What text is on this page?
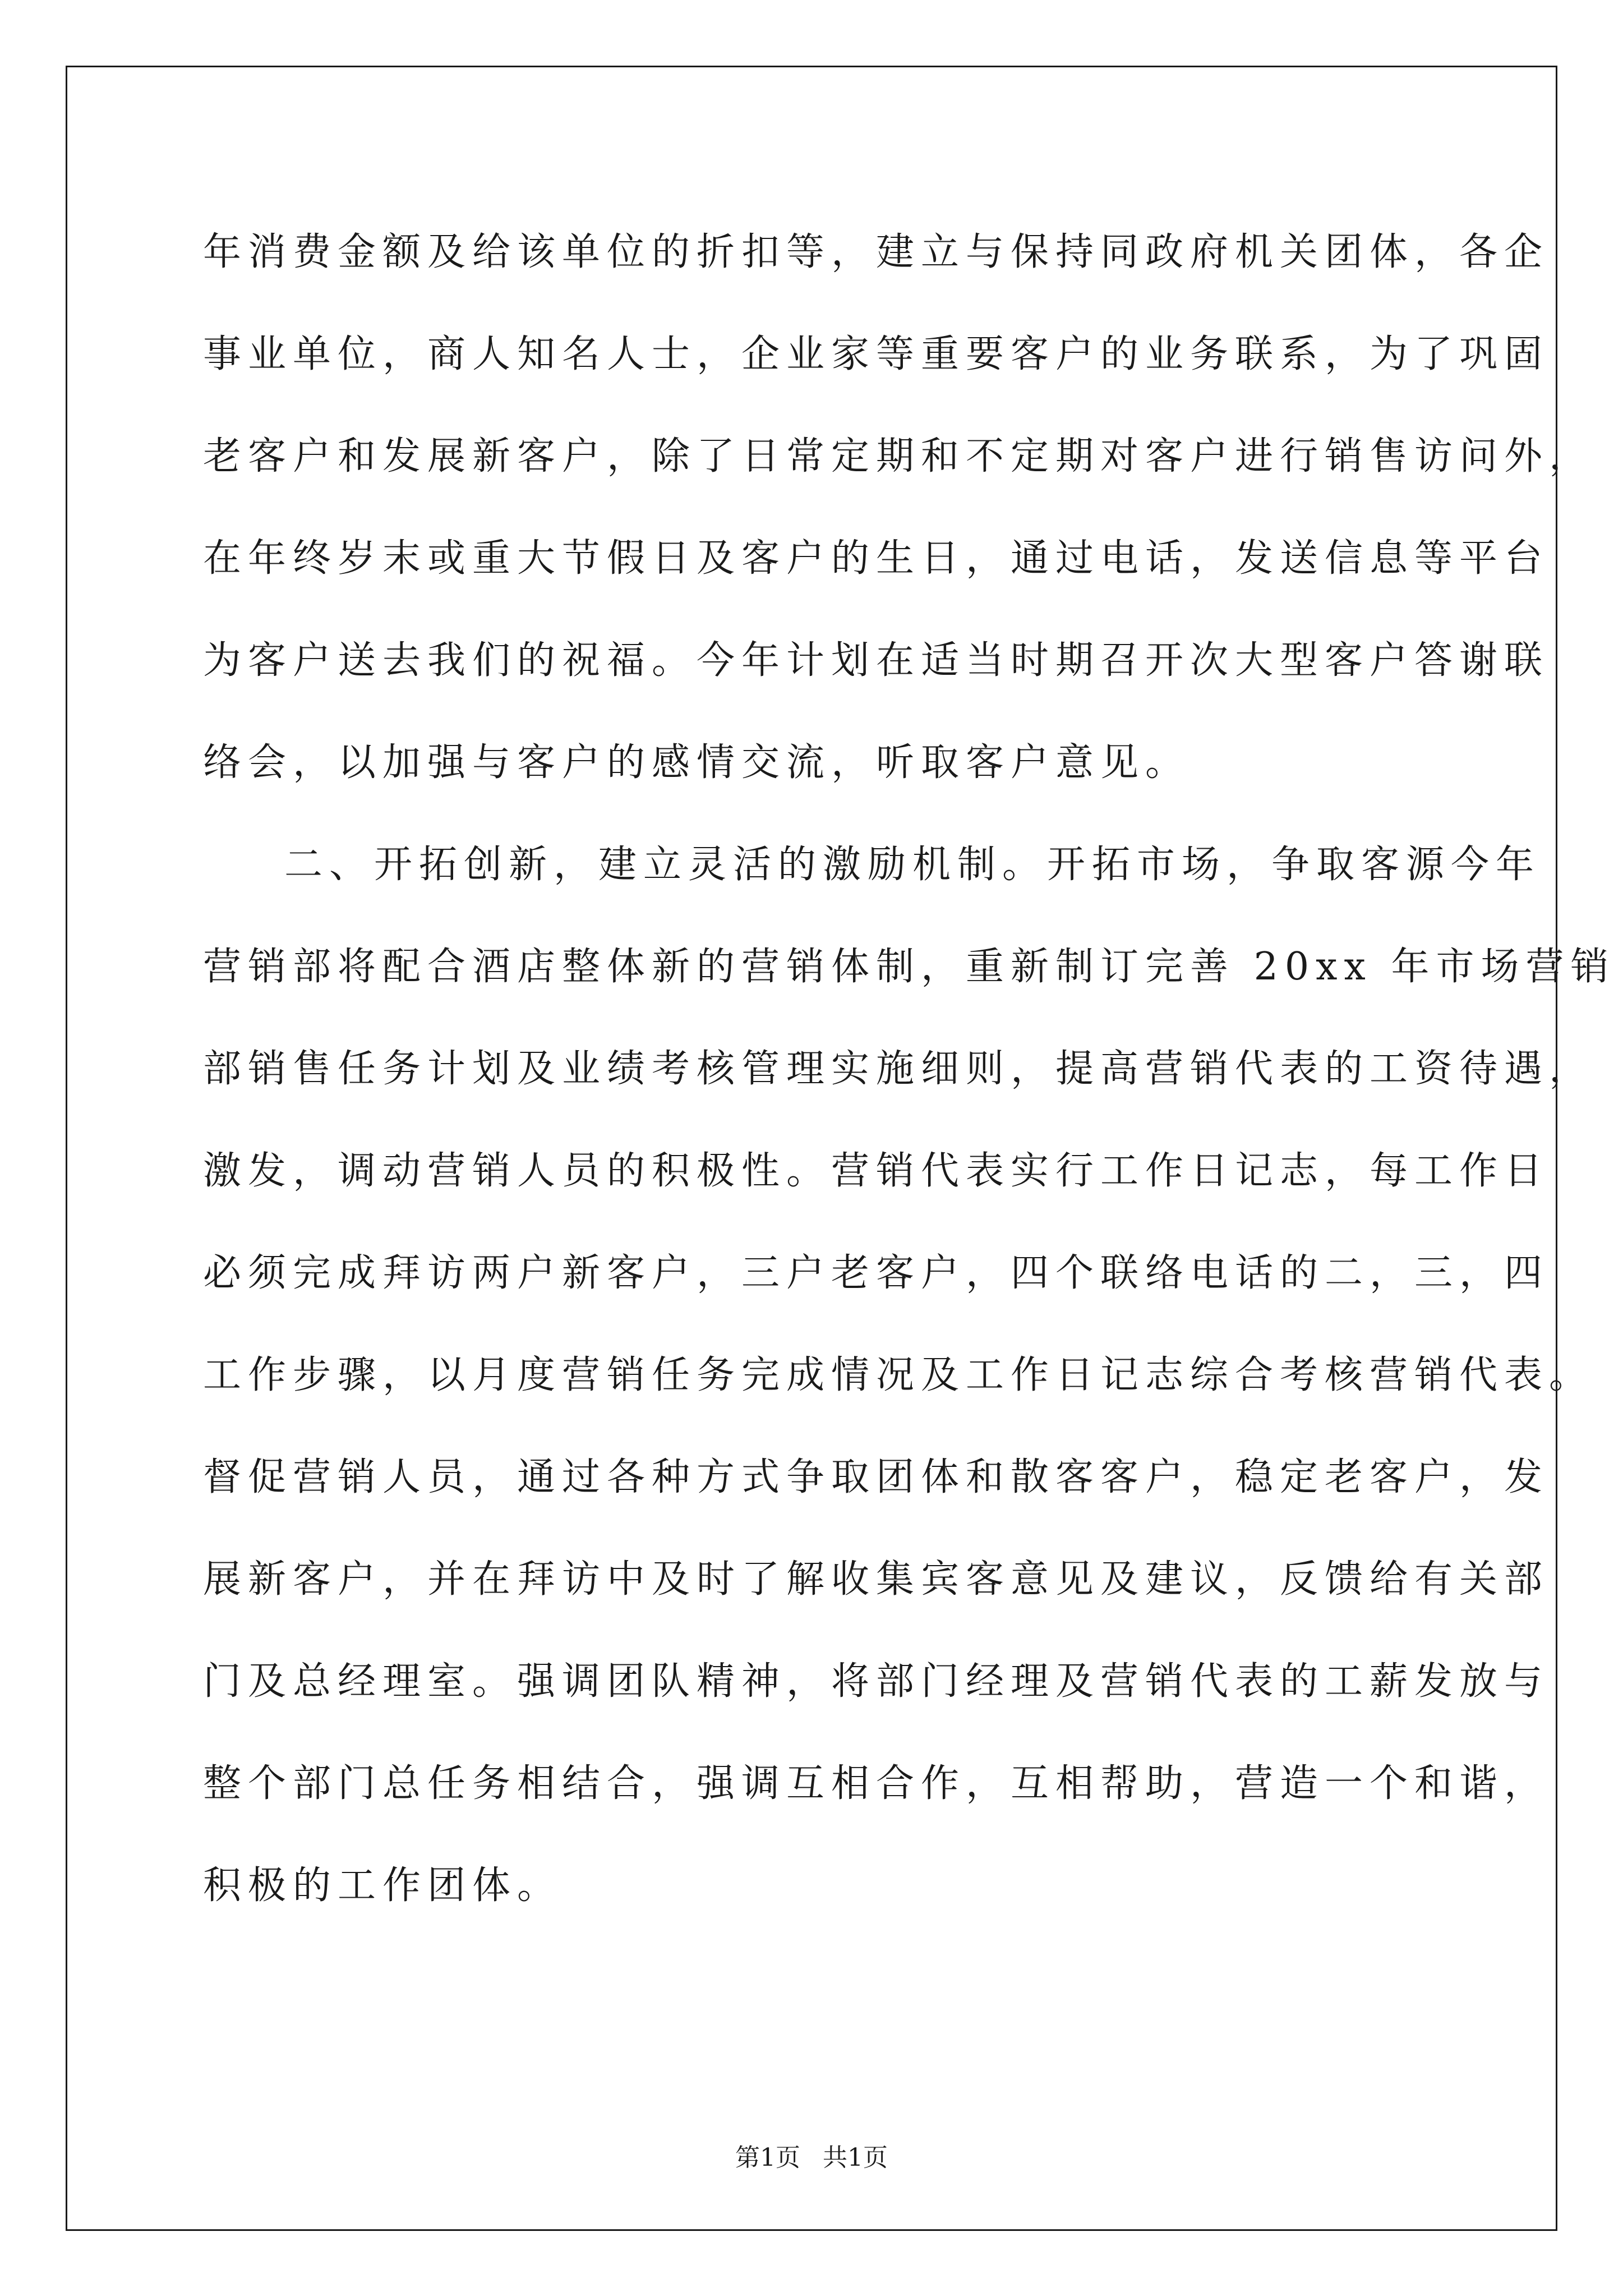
年消费金额及给该单位的折扣等，建立与保持同政府机关团体，各企
事业单位，商人知名人士，企业家等重要客户的业务联系，为了巩固
老客户和发展新客户，除了日常定期和不定期对客户进行销售访问外，
在年终岁末或重大节假日及客户的生日，通过电话，发送信息等平台
为客户送去我们的祝福。今年计划在适当时期召开次大型客户答谢联
络会，以加强与客户的感情交流，听取客户意见。
二、开拓创新，建立灵活的激励机制。开拓市场，争取客源今年
营销部将配合酒店整体新的营销体制，重新制订完善 20xx 年市场营销
部销售任务计划及业绩考核管理实施细则，提高营销代表的工资待遇，
激发，调动营销人员的积极性。营销代表实行工作日记志，每工作日
必须完成拜访两户新客户，三户老客户，四个联络电话的二，三，四
工作步骤，以月度营销任务完成情况及工作日记志综合考核营销代表。
督促营销人员，通过各种方式争取团体和散客客户，稳定老客户，发
展新客户，并在拜访中及时了解收集宾客意见及建议，反馈给有关部
门及总经理室。强调团队精神，将部门经理及营销代表的工薪发放与
整个部门总任务相结合，强调互相合作，互相帮助，营造一个和谐，
积极的工作团体。
第1页 共1页
